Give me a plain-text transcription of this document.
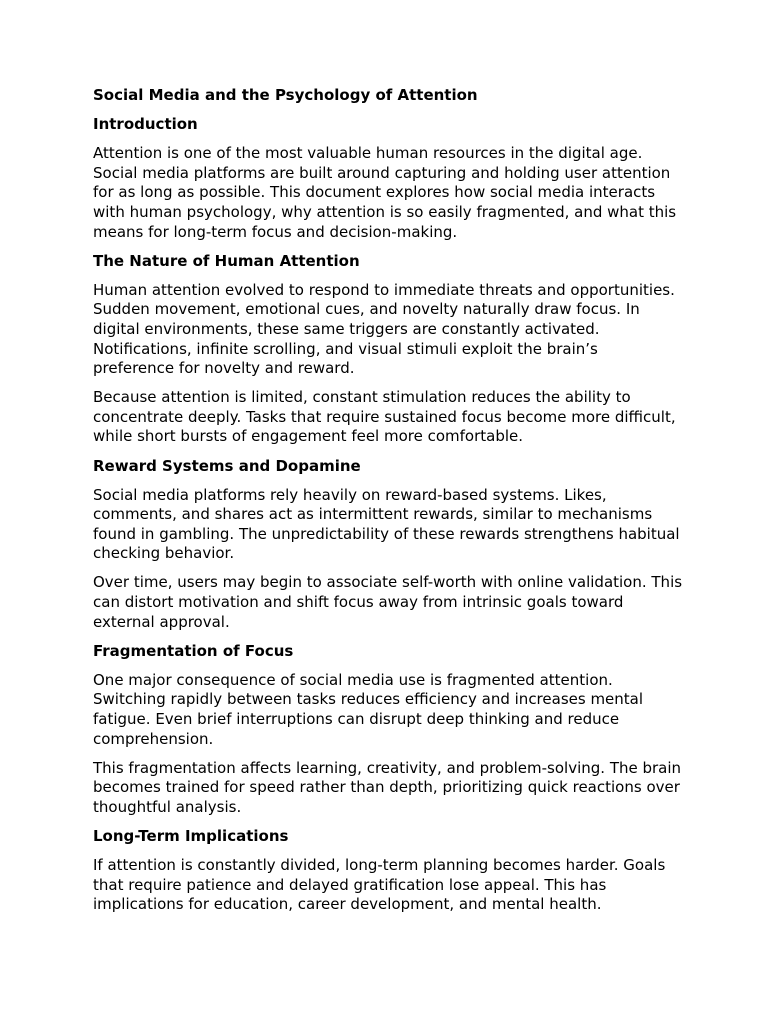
Social Media and the Psychology of Attention
Introduction

Attention is one of the most valuable human resources in the digital age. Social media platforms are built around capturing and holding user attention for as long as possible. This document explores how social media interacts with human psychology, why attention is so easily fragmented, and what this means for long-term focus and decision-making.

The Nature of Human Attention

Human attention evolved to respond to immediate threats and opportunities. Sudden movement, emotional cues, and novelty naturally draw focus. In digital environments, these same triggers are constantly activated. Notifications, infinite scrolling, and visual stimuli exploit the brain’s preference for novelty and reward.

Because attention is limited, constant stimulation reduces the ability to concentrate deeply. Tasks that require sustained focus become more difficult, while short bursts of engagement feel more comfortable.

Reward Systems and Dopamine

Social media platforms rely heavily on reward-based systems. Likes, comments, and shares act as intermittent rewards, similar to mechanisms found in gambling. The unpredictability of these rewards strengthens habitual checking behavior.

Over time, users may begin to associate self-worth with online validation. This can distort motivation and shift focus away from intrinsic goals toward external approval.

Fragmentation of Focus

One major consequence of social media use is fragmented attention. Switching rapidly between tasks reduces efficiency and increases mental fatigue. Even brief interruptions can disrupt deep thinking and reduce comprehension.

This fragmentation affects learning, creativity, and problem-solving. The brain becomes trained for speed rather than depth, prioritizing quick reactions over thoughtful analysis.

Long-Term Implications

If attention is constantly divided, long-term planning becomes harder. Goals that require patience and delayed gratification lose appeal. This has implications for education, career development, and mental health.
